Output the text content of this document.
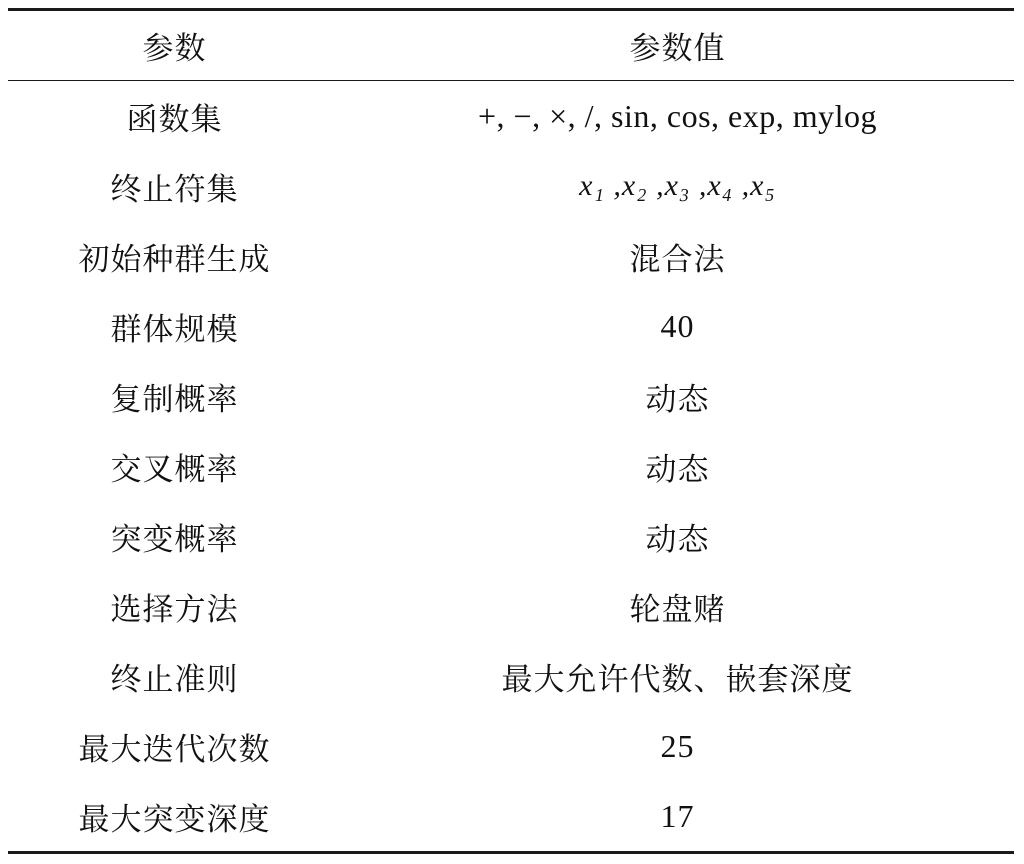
参数	参数值
函数集	+, −, ×, /, sin, cos, exp, mylog
终止符集	x₁ ,x₂ ,x₃ ,x₄ ,x₅
初始种群生成	混合法
群体规模	40
复制概率	动态
交叉概率	动态
突变概率	动态
选择方法	轮盘赌
终止准则	最大允许代数、嵌套深度
最大迭代次数	25
最大突变深度	17
